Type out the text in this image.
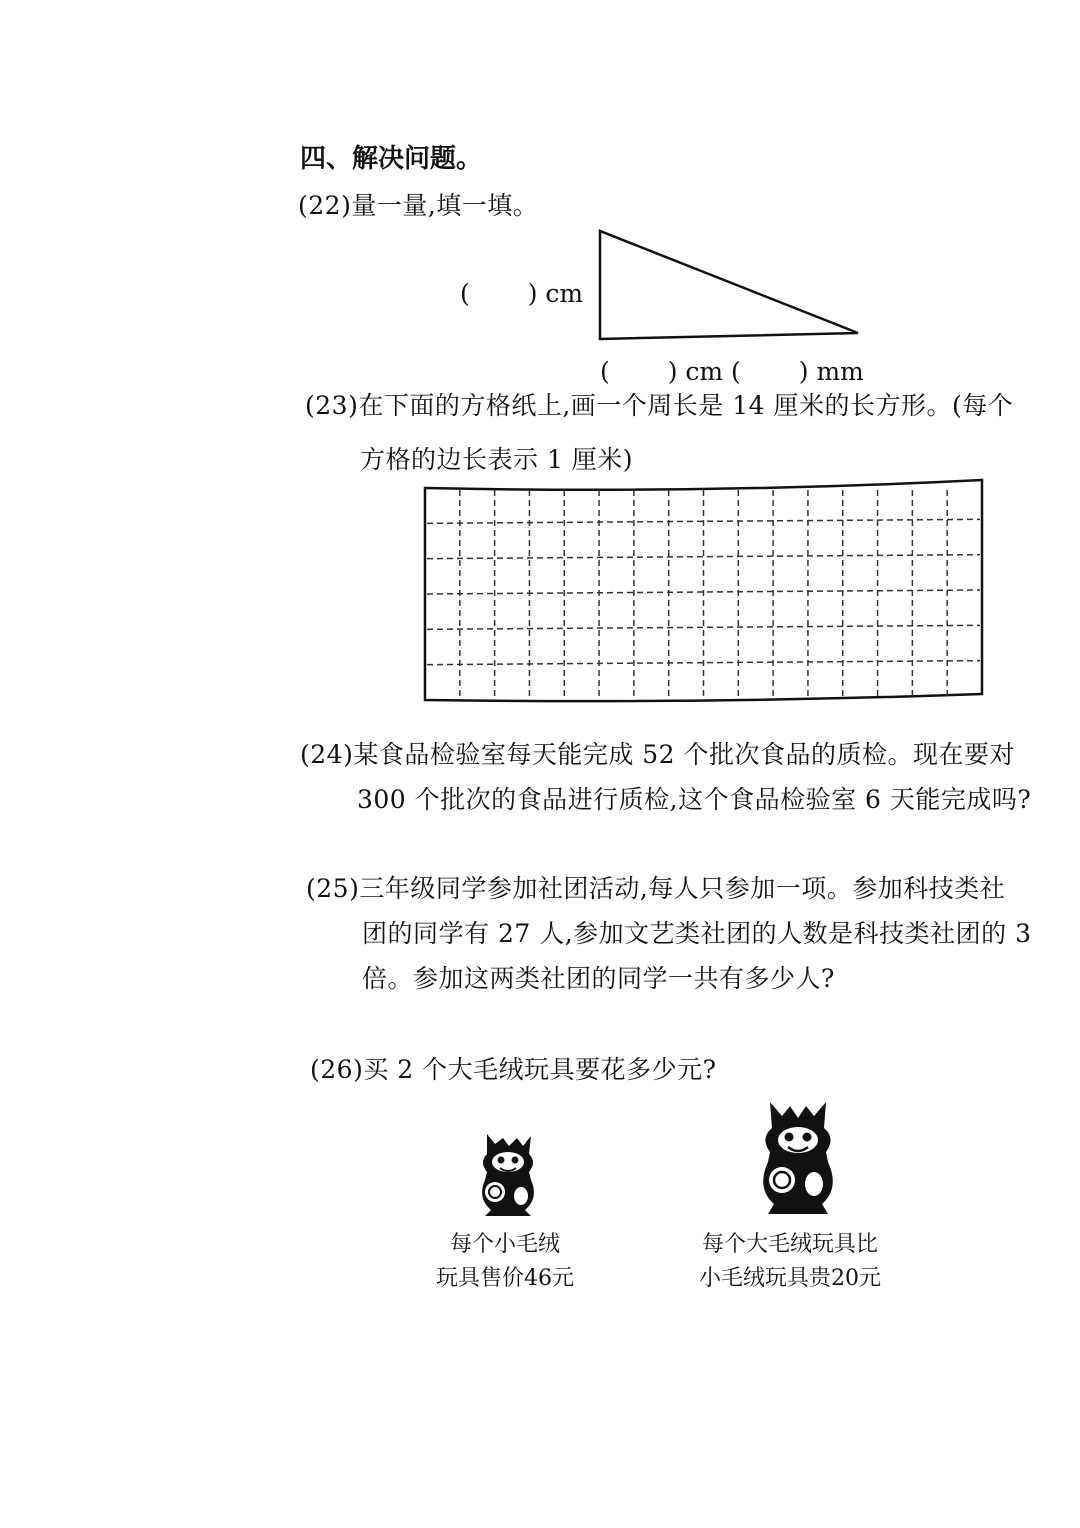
四、解决问题。
(22)量一量,填一填。
(　　 ) cm
(　　 ) cm (　　 ) mm
(23)在下面的方格纸上,画一个周长是 14 厘米的长方形。(每个
方格的边长表示 1 厘米)
(24)某食品检验室每天能完成 52 个批次食品的质检。现在要对
300 个批次的食品进行质检,这个食品检验室 6 天能完成吗?
(25)三年级同学参加社团活动,每人只参加一项。参加科技类社
团的同学有 27 人,参加文艺类社团的人数是科技类社团的 3
倍。参加这两类社团的同学一共有多少人?
(26)买 2 个大毛绒玩具要花多少元?
每个小毛绒
玩具售价46元
每个大毛绒玩具比
小毛绒玩具贵20元
